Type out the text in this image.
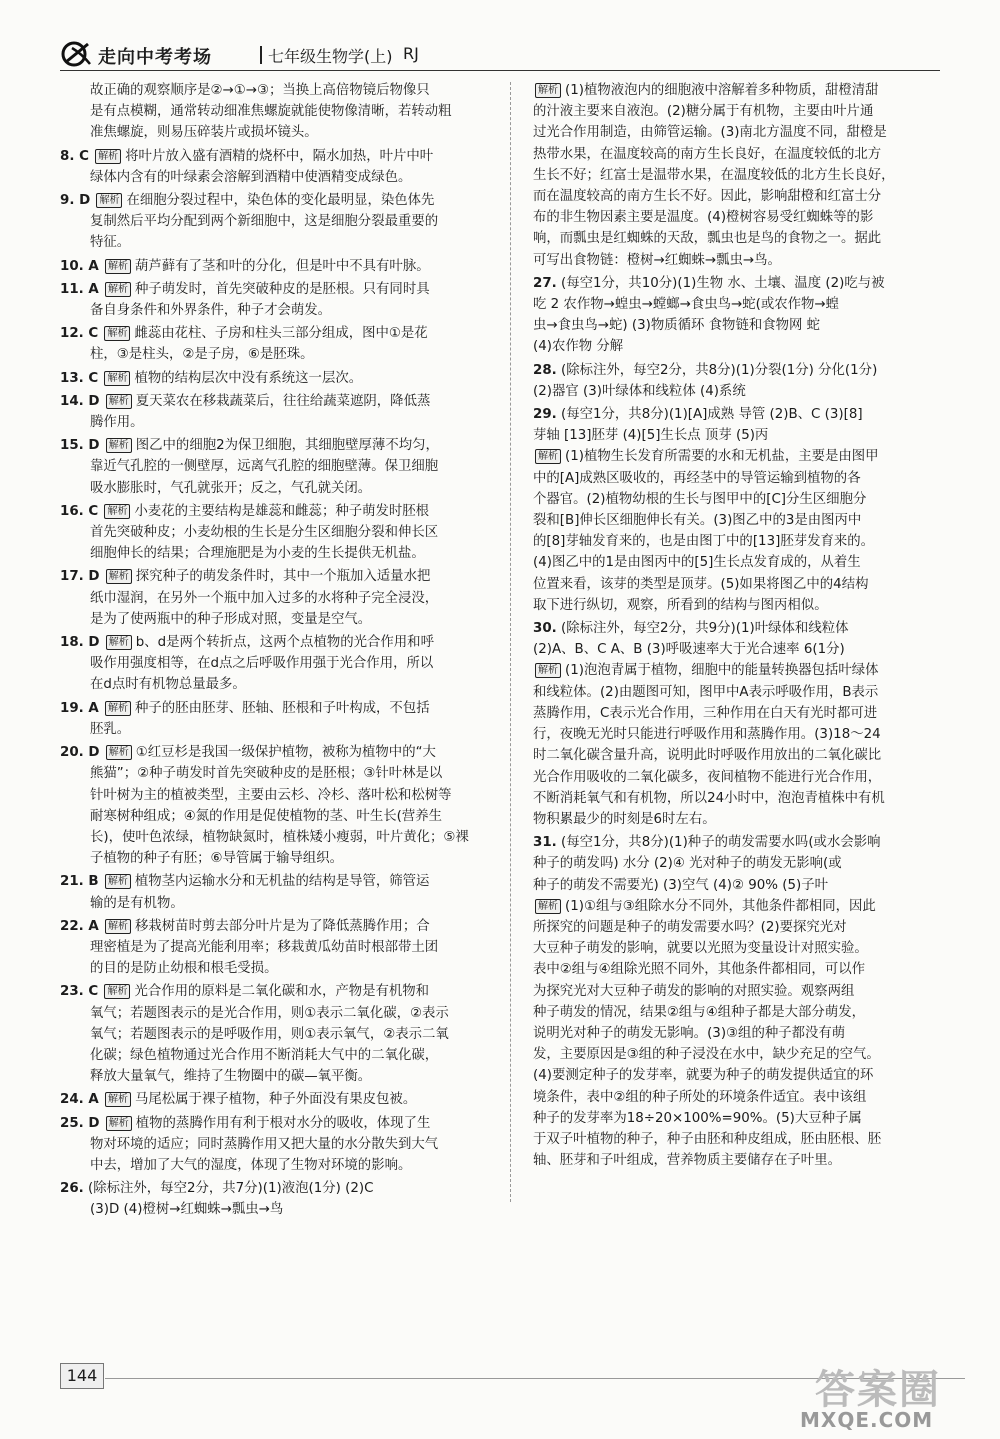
走向中考考场	七年级生物学(上) RJ
故正确的观察顺序是②→①→③；当换上高倍物镜后物像只
是有点模糊，通常转动细准焦螺旋就能使物像清晰，若转动粗
准焦螺旋，则易压碎装片或损坏镜头。
8. C 解析 将叶片放入盛有酒精的烧杯中，隔水加热，叶片中叶
绿体内含有的叶绿素会溶解到酒精中使酒精变成绿色。
9. D 解析 在细胞分裂过程中，染色体的变化最明显，染色体先
复制然后平均分配到两个新细胞中，这是细胞分裂最重要的
特征。
10. A 解析 葫芦藓有了茎和叶的分化，但是叶中不具有叶脉。
11. A 解析 种子萌发时，首先突破种皮的是胚根。只有同时具
备自身条件和外界条件，种子才会萌发。
12. C 解析 雌蕊由花柱、子房和柱头三部分组成，图中①是花
柱，③是柱头，②是子房，⑥是胚珠。
13. C 解析 植物的结构层次中没有系统这一层次。
14. D 解析 夏天菜农在移栽蔬菜后，往往给蔬菜遮阴，降低蒸
腾作用。
15. D 解析 图乙中的细胞2为保卫细胞，其细胞壁厚薄不均匀，
靠近气孔腔的一侧壁厚，远离气孔腔的细胞壁薄。保卫细胞
吸水膨胀时，气孔就张开；反之，气孔就关闭。
16. C 解析 小麦花的主要结构是雄蕊和雌蕊；种子萌发时胚根
首先突破种皮；小麦幼根的生长是分生区细胞分裂和伸长区
细胞伸长的结果；合理施肥是为小麦的生长提供无机盐。
17. D 解析 探究种子的萌发条件时，其中一个瓶加入适量水把
纸巾湿润，在另外一个瓶中加入过多的水将种子完全浸没，
是为了使两瓶中的种子形成对照，变量是空气。
18. D 解析 b、d是两个转折点，这两个点植物的光合作用和呼
吸作用强度相等，在d点之后呼吸作用强于光合作用，所以
在d点时有机物总量最多。
19. A 解析 种子的胚由胚芽、胚轴、胚根和子叶构成，不包括
胚乳。
20. D 解析 ①红豆杉是我国一级保护植物，被称为植物中的“大
熊猫”；②种子萌发时首先突破种皮的是胚根；③针叶林是以
针叶树为主的植被类型，主要由云杉、冷杉、落叶松和松树等
耐寒树种组成；④氮的作用是促使植物的茎、叶生长(营养生
长)，使叶色浓绿，植物缺氮时，植株矮小瘦弱，叶片黄化；⑤裸
子植物的种子有胚；⑥导管属于输导组织。
21. B 解析 植物茎内运输水分和无机盐的结构是导管，筛管运
输的是有机物。
22. A 解析 移栽树苗时剪去部分叶片是为了降低蒸腾作用；合
理密植是为了提高光能利用率；移栽黄瓜幼苗时根部带土团
的目的是防止幼根和根毛受损。
23. C 解析 光合作用的原料是二氧化碳和水，产物是有机物和
氧气；若题图表示的是光合作用，则①表示二氧化碳，②表示
氧气；若题图表示的是呼吸作用，则①表示氧气，②表示二氧
化碳；绿色植物通过光合作用不断消耗大气中的二氧化碳，
释放大量氧气，维持了生物圈中的碳—氧平衡。
24. A 解析 马尾松属于裸子植物，种子外面没有果皮包被。
25. D 解析 植物的蒸腾作用有利于根对水分的吸收，体现了生
物对环境的适应；同时蒸腾作用又把大量的水分散失到大气
中去，增加了大气的湿度，体现了生物对环境的影响。
26. (除标注外，每空2分，共7分)(1)液泡(1分) (2)C
(3)D (4)橙树→红蜘蛛→瓢虫→鸟
解析 (1)植物液泡内的细胞液中溶解着多种物质，甜橙清甜
的汁液主要来自液泡。(2)糖分属于有机物，主要由叶片通
过光合作用制造，由筛管运输。(3)南北方温度不同，甜橙是
热带水果，在温度较高的南方生长良好，在温度较低的北方
生长不好；红富士是温带水果，在温度较低的北方生长良好，
而在温度较高的南方生长不好。因此，影响甜橙和红富士分
布的非生物因素主要是温度。(4)橙树容易受红蜘蛛等的影
响，而瓢虫是红蜘蛛的天敌，瓢虫也是鸟的食物之一。据此
可写出食物链：橙树→红蜘蛛→瓢虫→鸟。
27. (每空1分，共10分)(1)生物 水、土壤、温度 (2)吃与被
吃 2 农作物→蝗虫→螳螂→食虫鸟→蛇(或农作物→蝗
虫→食虫鸟→蛇) (3)物质循环 食物链和食物网 蛇
(4)农作物 分解
28. (除标注外，每空2分，共8分)(1)分裂(1分) 分化(1分)
(2)器官 (3)叶绿体和线粒体 (4)系统
29. (每空1分，共8分)(1)[A]成熟 导管 (2)B、C (3)[8]
芽轴 [13]胚芽 (4)[5]生长点 顶芽 (5)丙
解析 (1)植物生长发育所需要的水和无机盐，主要是由图甲
中的[A]成熟区吸收的，再经茎中的导管运输到植物的各
个器官。(2)植物幼根的生长与图甲中的[C]分生区细胞分
裂和[B]伸长区细胞伸长有关。(3)图乙中的3是由图丙中
的[8]芽轴发育来的，也是由图丁中的[13]胚芽发育来的。
(4)图乙中的1是由图丙中的[5]生长点发育成的，从着生
位置来看，该芽的类型是顶芽。(5)如果将图乙中的4结构
取下进行纵切，观察，所看到的结构与图丙相似。
30. (除标注外，每空2分，共9分)(1)叶绿体和线粒体
(2)A、B、C A、B (3)呼吸速率大于光合速率 6(1分)
解析 (1)泡泡青属于植物，细胞中的能量转换器包括叶绿体
和线粒体。(2)由题图可知，图甲中A表示呼吸作用，B表示
蒸腾作用，C表示光合作用，三种作用在白天有光时都可进
行，夜晚无光时只能进行呼吸作用和蒸腾作用。(3)18～24
时二氧化碳含量升高，说明此时呼吸作用放出的二氧化碳比
光合作用吸收的二氧化碳多，夜间植物不能进行光合作用，
不断消耗氧气和有机物，所以24小时中，泡泡青植株中有机
物积累最少的时刻是6时左右。
31. (每空1分，共8分)(1)种子的萌发需要水吗(或水会影响
种子的萌发吗) 水分 (2)④ 光对种子的萌发无影响(或
种子的萌发不需要光) (3)空气 (4)② 90% (5)子叶
解析 (1)①组与③组除水分不同外，其他条件都相同，因此
所探究的问题是种子的萌发需要水吗？(2)要探究光对
大豆种子萌发的影响，就要以光照为变量设计对照实验。
表中②组与④组除光照不同外，其他条件都相同，可以作
为探究光对大豆种子萌发的影响的对照实验。观察两组
种子萌发的情况，结果②组与④组种子都是大部分萌发，
说明光对种子的萌发无影响。(3)③组的种子都没有萌
发，主要原因是③组的种子浸没在水中，缺少充足的空气。
(4)要测定种子的发芽率，就要为种子的萌发提供适宜的环
境条件，表中②组的种子所处的环境条件适宜。表中该组
种子的发芽率为18÷20×100%=90%。(5)大豆种子属
于双子叶植物的种子，种子由胚和种皮组成，胚由胚根、胚
轴、胚芽和子叶组成，营养物质主要储存在子叶里。
144	答案圈
MXQE.COM
